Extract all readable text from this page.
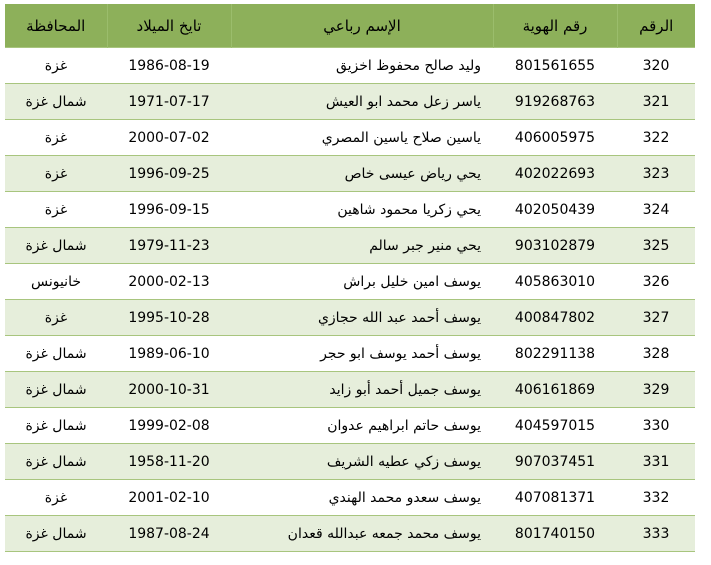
الرقم	رقم الهوية	الإسم رباعي	تايخ الميلاد	المحافظة
320	801561655	وليد صالح محفوظ اخزيق	1986-08-19	غزة
321	919268763	ياسر زعل محمد ابو العيش	1971-07-17	شمال غزة
322	406005975	ياسين صلاح ياسين المصري	2000-07-02	غزة
323	402022693	يحي رياض عيسى خاص	1996-09-25	غزة
324	402050439	يحي زكريا محمود شاهين	1996-09-15	غزة
325	903102879	يحي منير جبر سالم	1979-11-23	شمال غزة
326	405863010	يوسف امين خليل براش	2000-02-13	خانيونس
327	400847802	يوسف أحمد عبد الله حجازي	1995-10-28	غزة
328	802291138	يوسف أحمد يوسف ابو حجر	1989-06-10	شمال غزة
329	406161869	يوسف جميل أحمد أبو زايد	2000-10-31	شمال غزة
330	404597015	يوسف حاتم ابراهيم عدوان	1999-02-08	شمال غزة
331	907037451	يوسف زكي عطيه الشريف	1958-11-20	شمال غزة
332	407081371	يوسف سعدو محمد الهندي	2001-02-10	غزة
333	801740150	يوسف محمد جمعه عبدالله قعدان	1987-08-24	شمال غزة
